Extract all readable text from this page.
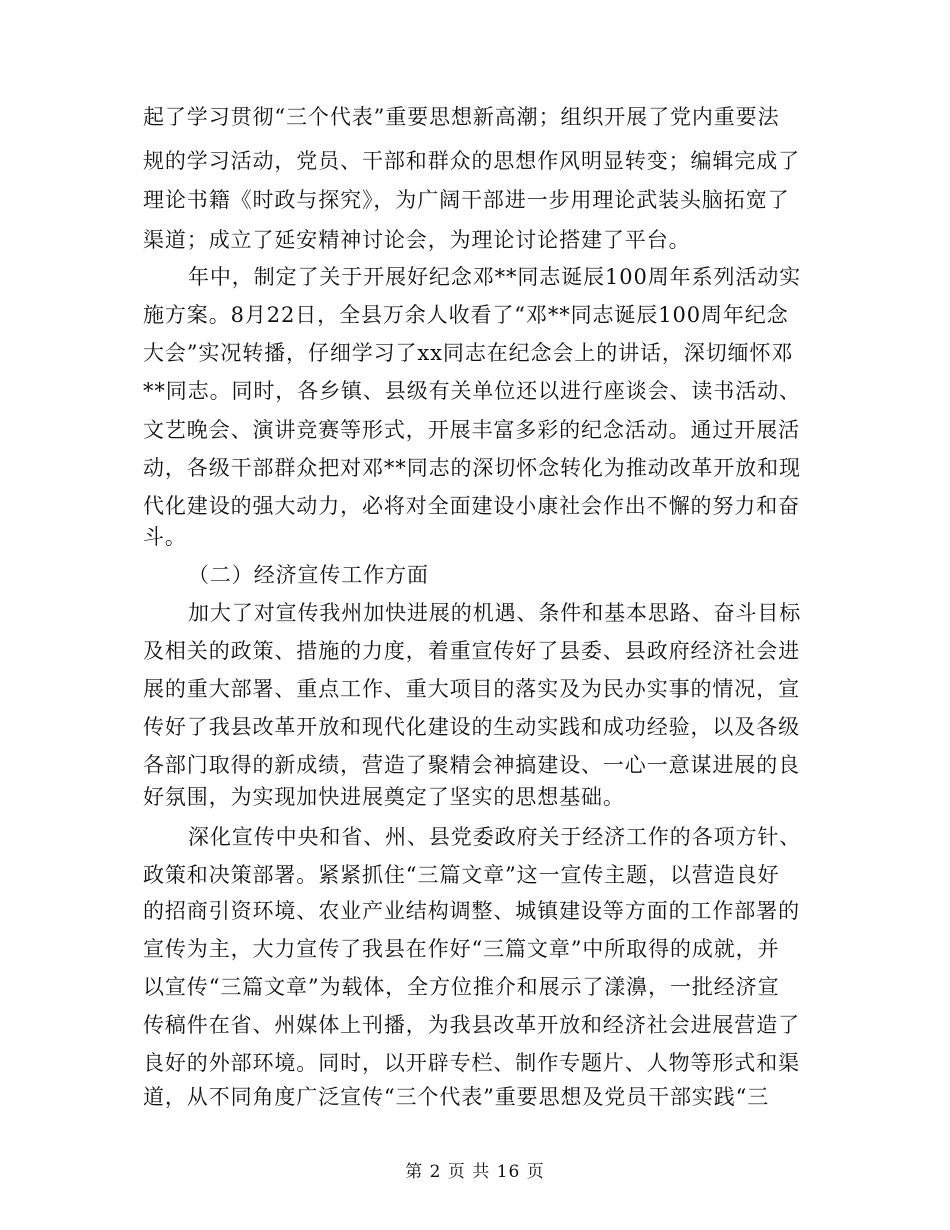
起了学习贯彻“三个代表”重要思想新高潮；组织开展了党内重要法
规的学习活动，党员、干部和群众的思想作风明显转变；编辑完成了
理论书籍《时政与探究》，为广阔干部进一步用理论武装头脑拓宽了
渠道；成立了延安精神讨论会，为理论讨论搭建了平台。
年中，制定了关于开展好纪念邓**同志诞辰100周年系列活动实
施方案。8月22日，全县万余人收看了“邓**同志诞辰100周年纪念
大会”实况转播，仔细学习了xx同志在纪念会上的讲话，深切缅怀邓
**同志。同时，各乡镇、县级有关单位还以进行座谈会、读书活动、
文艺晚会、演讲竞赛等形式，开展丰富多彩的纪念活动。通过开展活
动，各级干部群众把对邓**同志的深切怀念转化为推动改革开放和现
代化建设的强大动力，必将对全面建设小康社会作出不懈的努力和奋
斗。
（二）经济宣传工作方面
加大了对宣传我州加快进展的机遇、条件和基本思路、奋斗目标
及相关的政策、措施的力度，着重宣传好了县委、县政府经济社会进
展的重大部署、重点工作、重大项目的落实及为民办实事的情况，宣
传好了我县改革开放和现代化建设的生动实践和成功经验，以及各级
各部门取得的新成绩，营造了聚精会神搞建设、一心一意谋进展的良
好氛围，为实现加快进展奠定了坚实的思想基础。
深化宣传中央和省、州、县党委政府关于经济工作的各项方针、
政策和决策部署。紧紧抓住“三篇文章”这一宣传主题，以营造良好
的招商引资环境、农业产业结构调整、城镇建设等方面的工作部署的
宣传为主，大力宣传了我县在作好“三篇文章”中所取得的成就，并
以宣传“三篇文章”为载体，全方位推介和展示了漾濞，一批经济宣
传稿件在省、州媒体上刊播，为我县改革开放和经济社会进展营造了
良好的外部环境。同时，以开辟专栏、制作专题片、人物等形式和渠
道，从不同角度广泛宣传“三个代表”重要思想及党员干部实践“三
第 2 页 共 16 页
